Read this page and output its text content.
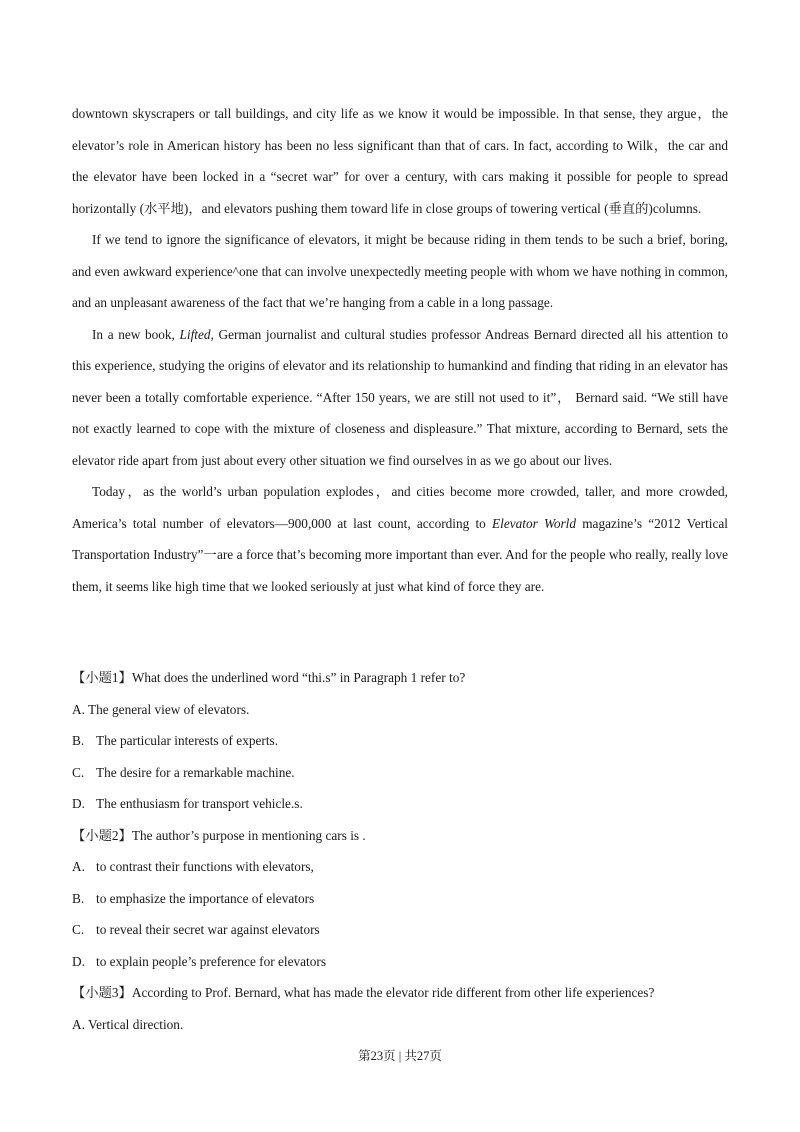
downtown skyscrapers or tall buildings, and city life as we know it would be impossible. In that sense, they argue，the elevator’s role in American history has been no less significant than that of cars. In fact, according to Wilk，the car and the elevator have been locked in a “secret war” for over a century, with cars making it possible for people to spread horizontally (水平地)，and elevators pushing them toward life in close groups of towering vertical (垂直的)columns.

If we tend to ignore the significance of elevators, it might be because riding in them tends to be such a brief, boring, and even awkward experience^one that can involve unexpectedly meeting people with whom we have nothing in common, and an unpleasant awareness of the fact that we’re hanging from a cable in a long passage.

In a new book, Lifted, German journalist and cultural studies professor Andreas Bernard directed all his attention to this experience, studying the origins of elevator and its relationship to humankind and finding that riding in an elevator has never been a totally comfortable experience. “After 150 years, we are still not used to it”， Bernard said. “We still have not exactly learned to cope with the mixture of closeness and displeasure.” That mixture, according to Bernard, sets the elevator ride apart from just about every other situation we find ourselves in as we go about our lives.

Today，as the world’s urban population explodes，and cities become more crowded, taller, and more crowded, America’s total number of elevators—900,000 at last count, according to Elevator World magazine’s “2012 Vertical Transportation Industry”一are a force that’s becoming more important than ever. And for the people who really, really love them, it seems like high time that we looked seriously at just what kind of force they are.

【小题1】What does the underlined word “thi.s” in Paragraph 1 refer to?
A. The general view of elevators.
B. The particular interests of experts.
C. The desire for a remarkable machine.
D. The enthusiasm for transport vehicle.s.
【小题2】The author’s purpose in mentioning cars is .
A. to contrast their functions with elevators,
B. to emphasize the importance of elevators
C. to reveal their secret war against elevators
D. to explain people’s preference for elevators
【小题3】According to Prof. Bernard, what has made the elevator ride different from other life experiences?
A. Vertical direction.
第23页 | 共27页
